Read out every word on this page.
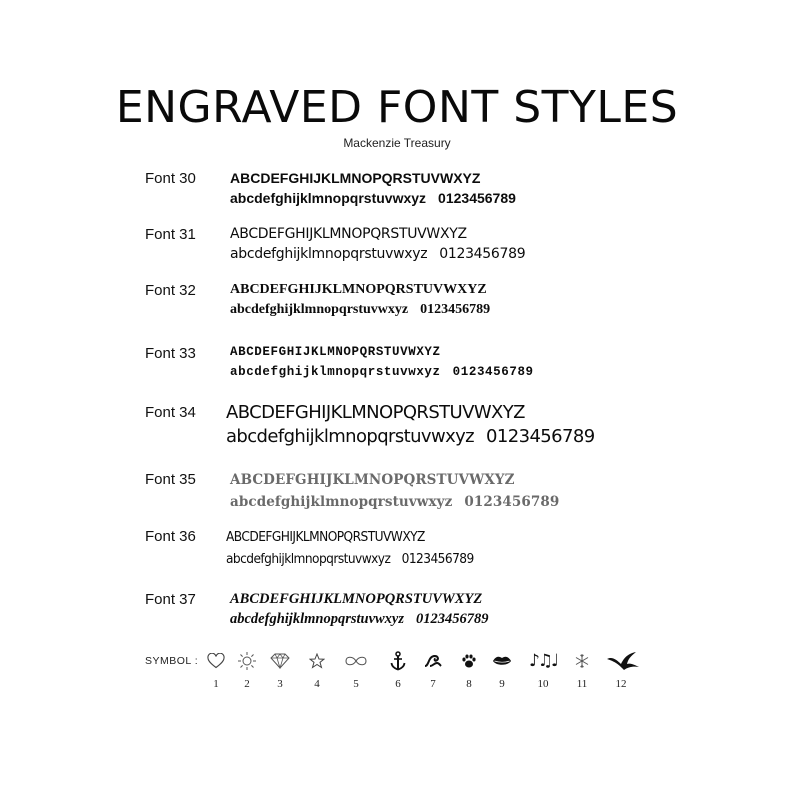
ENGRAVED FONT STYLES
Mackenzie Treasury
Font 30 ABCDEFGHIJKLMNOPQRSTUVWXYZ
abcdefghijklmnopqrstuvwxyz 0123456789
Font 31 ABCDEFGHIJKLMNOPQRSTUVWXYZ
abcdefghijklmnopqrstuvwxyz 0123456789
Font 32 ABCDEFGHIJKLMNOPQRSTUVWXYZ
abcdefghijklmnopqrstuvwxyz 0123456789
Font 33	ABCDEFGHIJKLMNOPQRSTUVWXYZ
abcdefghijklmnopqrstuvwxyz 0123456789
Font 34 ABCDEFGHIJKLMNOPQRSTUVWXYZ
abcdefghijklmnopqrstuvwxyz 0123456789
Font 35	ABCDEFGHIJKLMNOPQRSTUVWXYZ
abcdefghijklmnopqrstuvwxyz 0123456789
Font 36 ABCDEFGHIJKLMNOPQRSTUVWXYZ
abcdefghijklmnopqrstuvwxyz 0123456789
Font 37 ABCDEFGHIJKLMNOPQRSTUVWXYZ
abcdefghijklmnopqrstuvwxyz 0123456789
SYMBOL :
1	2	3	4	5	6	7	8	9
♪♫♩
10	11	12
